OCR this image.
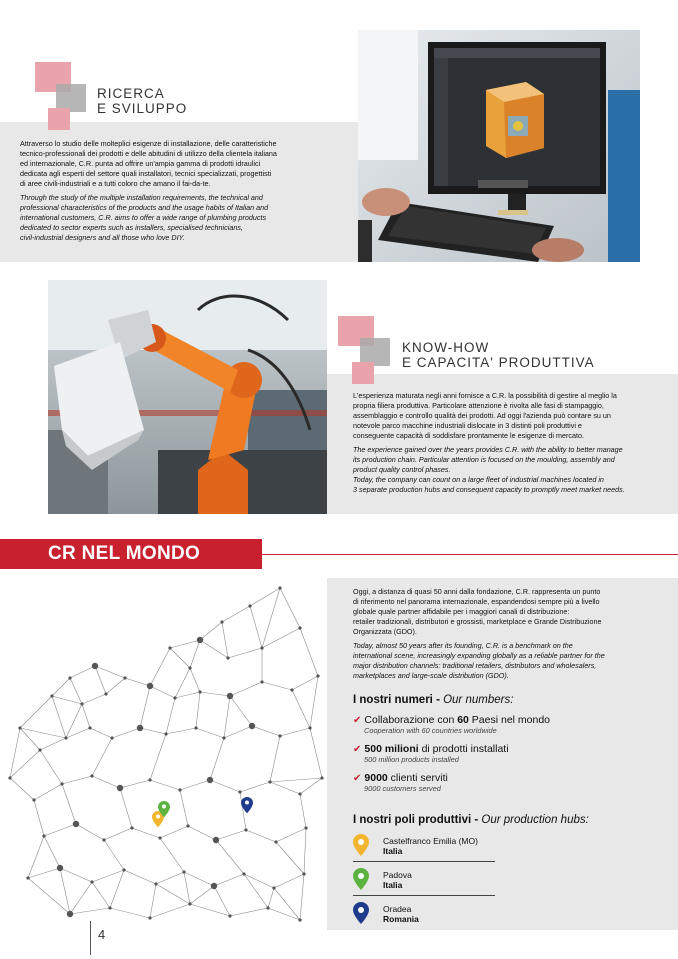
RICERCA
E SVILUPPO
Attraverso lo studio delle molteplici esigenze di installazione, delle caratteristiche
tecnico-professionali dei prodotti e delle abitudini di utilizzo della clientela italiana
ed internazionale, C.R. punta ad offrire un'ampia gamma di prodotti idraulici
dedicata agli esperti del settore quali installatori, tecnici specializzati, progettisti
di aree civili-industriali e a tutti coloro che amano il fai-da-te.
Through the study of the multiple installation requirements, the technical and
professional characteristics of the products and the usage habits of Italian and
international customers, C.R. aims to offer a wide range of plumbing products
dedicated to sector experts such as installers, specialised technicians,
civil-industrial designers and all those who love DIY.
KNOW-HOW
E CAPACITA' PRODUTTIVA
L'esperienza maturata negli anni fornisce a C.R. la possibilità di gestire al meglio la
propria filiera produttiva. Particolare attenzione è rivolta alle fasi di stampaggio,
assemblaggio e controllo qualità dei prodotti. Ad oggi l'azienda può contare su un
notevole parco macchine industriali dislocate in 3 distinti poli produttivi e
conseguente capacità di soddisfare prontamente le esigenze di mercato.
The experience gained over the years provides C.R. with the ability to better manage
its production chain. Particular attention is focused on the moulding, assembly and
product quality control phases.
Today, the company can count on a large fleet of industrial machines located in
3 separate production hubs and consequent capacity to promptly meet market needs.
CR NEL MONDO
Oggi, a distanza di quasi 50 anni dalla fondazione, C.R. rappresenta un punto
di riferimento nel panorama internazionale, espandendosi sempre più a livello
globale quale partner affidabile per i maggiori canali di distribuzione:
retailer tradizionali, distributori e grossisti, marketplace e Grande Distribuzione
Organizzata (GDO).
Today, almost 50 years after its founding, C.R. is a benchmark on the
international scene, increasingly expanding globally as a reliable partner for the
major distribution channels: traditional retailers, distributors and wholesalers,
marketplaces and large-scale distribution (GDO).
I nostri numeri - Our numbers:
✔ Collaborazione con 60 Paesi nel mondo
Cooperation with 60 countries worldwide
✔ 500 milioni di prodotti installati
500 million products installed
✔ 9000 clienti serviti
9000 customers served
I nostri poli produttivi - Our production hubs:
Castelfranco Emilia (MO)
Italia
Padova
Italia
Oradea
Romania
4
